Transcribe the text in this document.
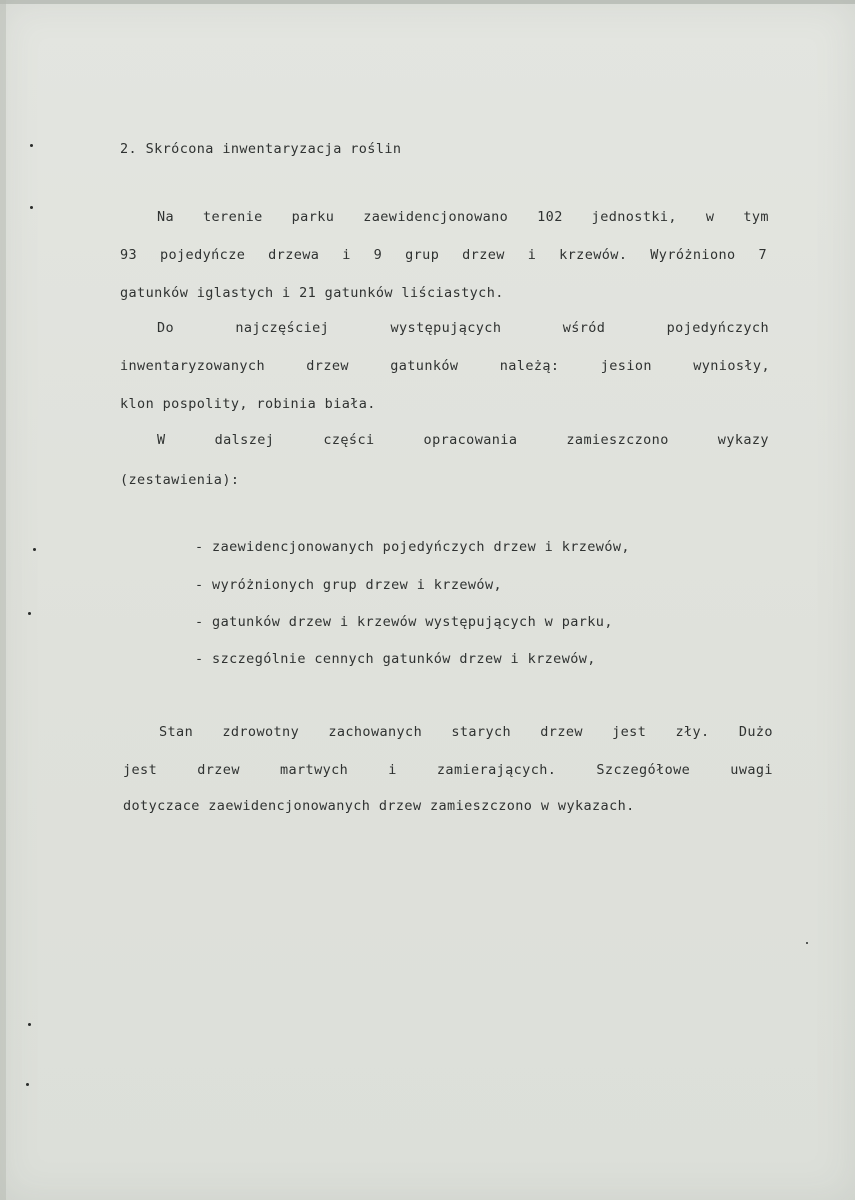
2. Skrócona inwentaryzacja roślin
Na terenie parku zaewidencjonowano 102 jednostki, w tym
93 pojedyńcze drzewa i 9 grup drzew i krzewów. Wyróżniono 7
gatunków iglastych i 21 gatunków liściastych.
Do	najczęściej	występujących	wśród	pojedyńczych
inwentaryzowanych	drzew	gatunków	należą:	jesion	wyniosły,
klon pospolity, robinia biała.
W	dalszej	części	opracowania	zamieszczono	wykazy
(zestawienia):
- zaewidencjonowanych pojedyńczych drzew i krzewów,
- wyróżnionych grup drzew i krzewów,
- gatunków drzew i krzewów występujących w parku,
- szczególnie cennych gatunków drzew i krzewów,
Stan zdrowotny zachowanych starych drzew jest zły. Dużo
jest	drzew	martwych	i	zamierających.	Szczegółowe	uwagi
dotyczace zaewidencjonowanych drzew zamieszczono w wykazach.
